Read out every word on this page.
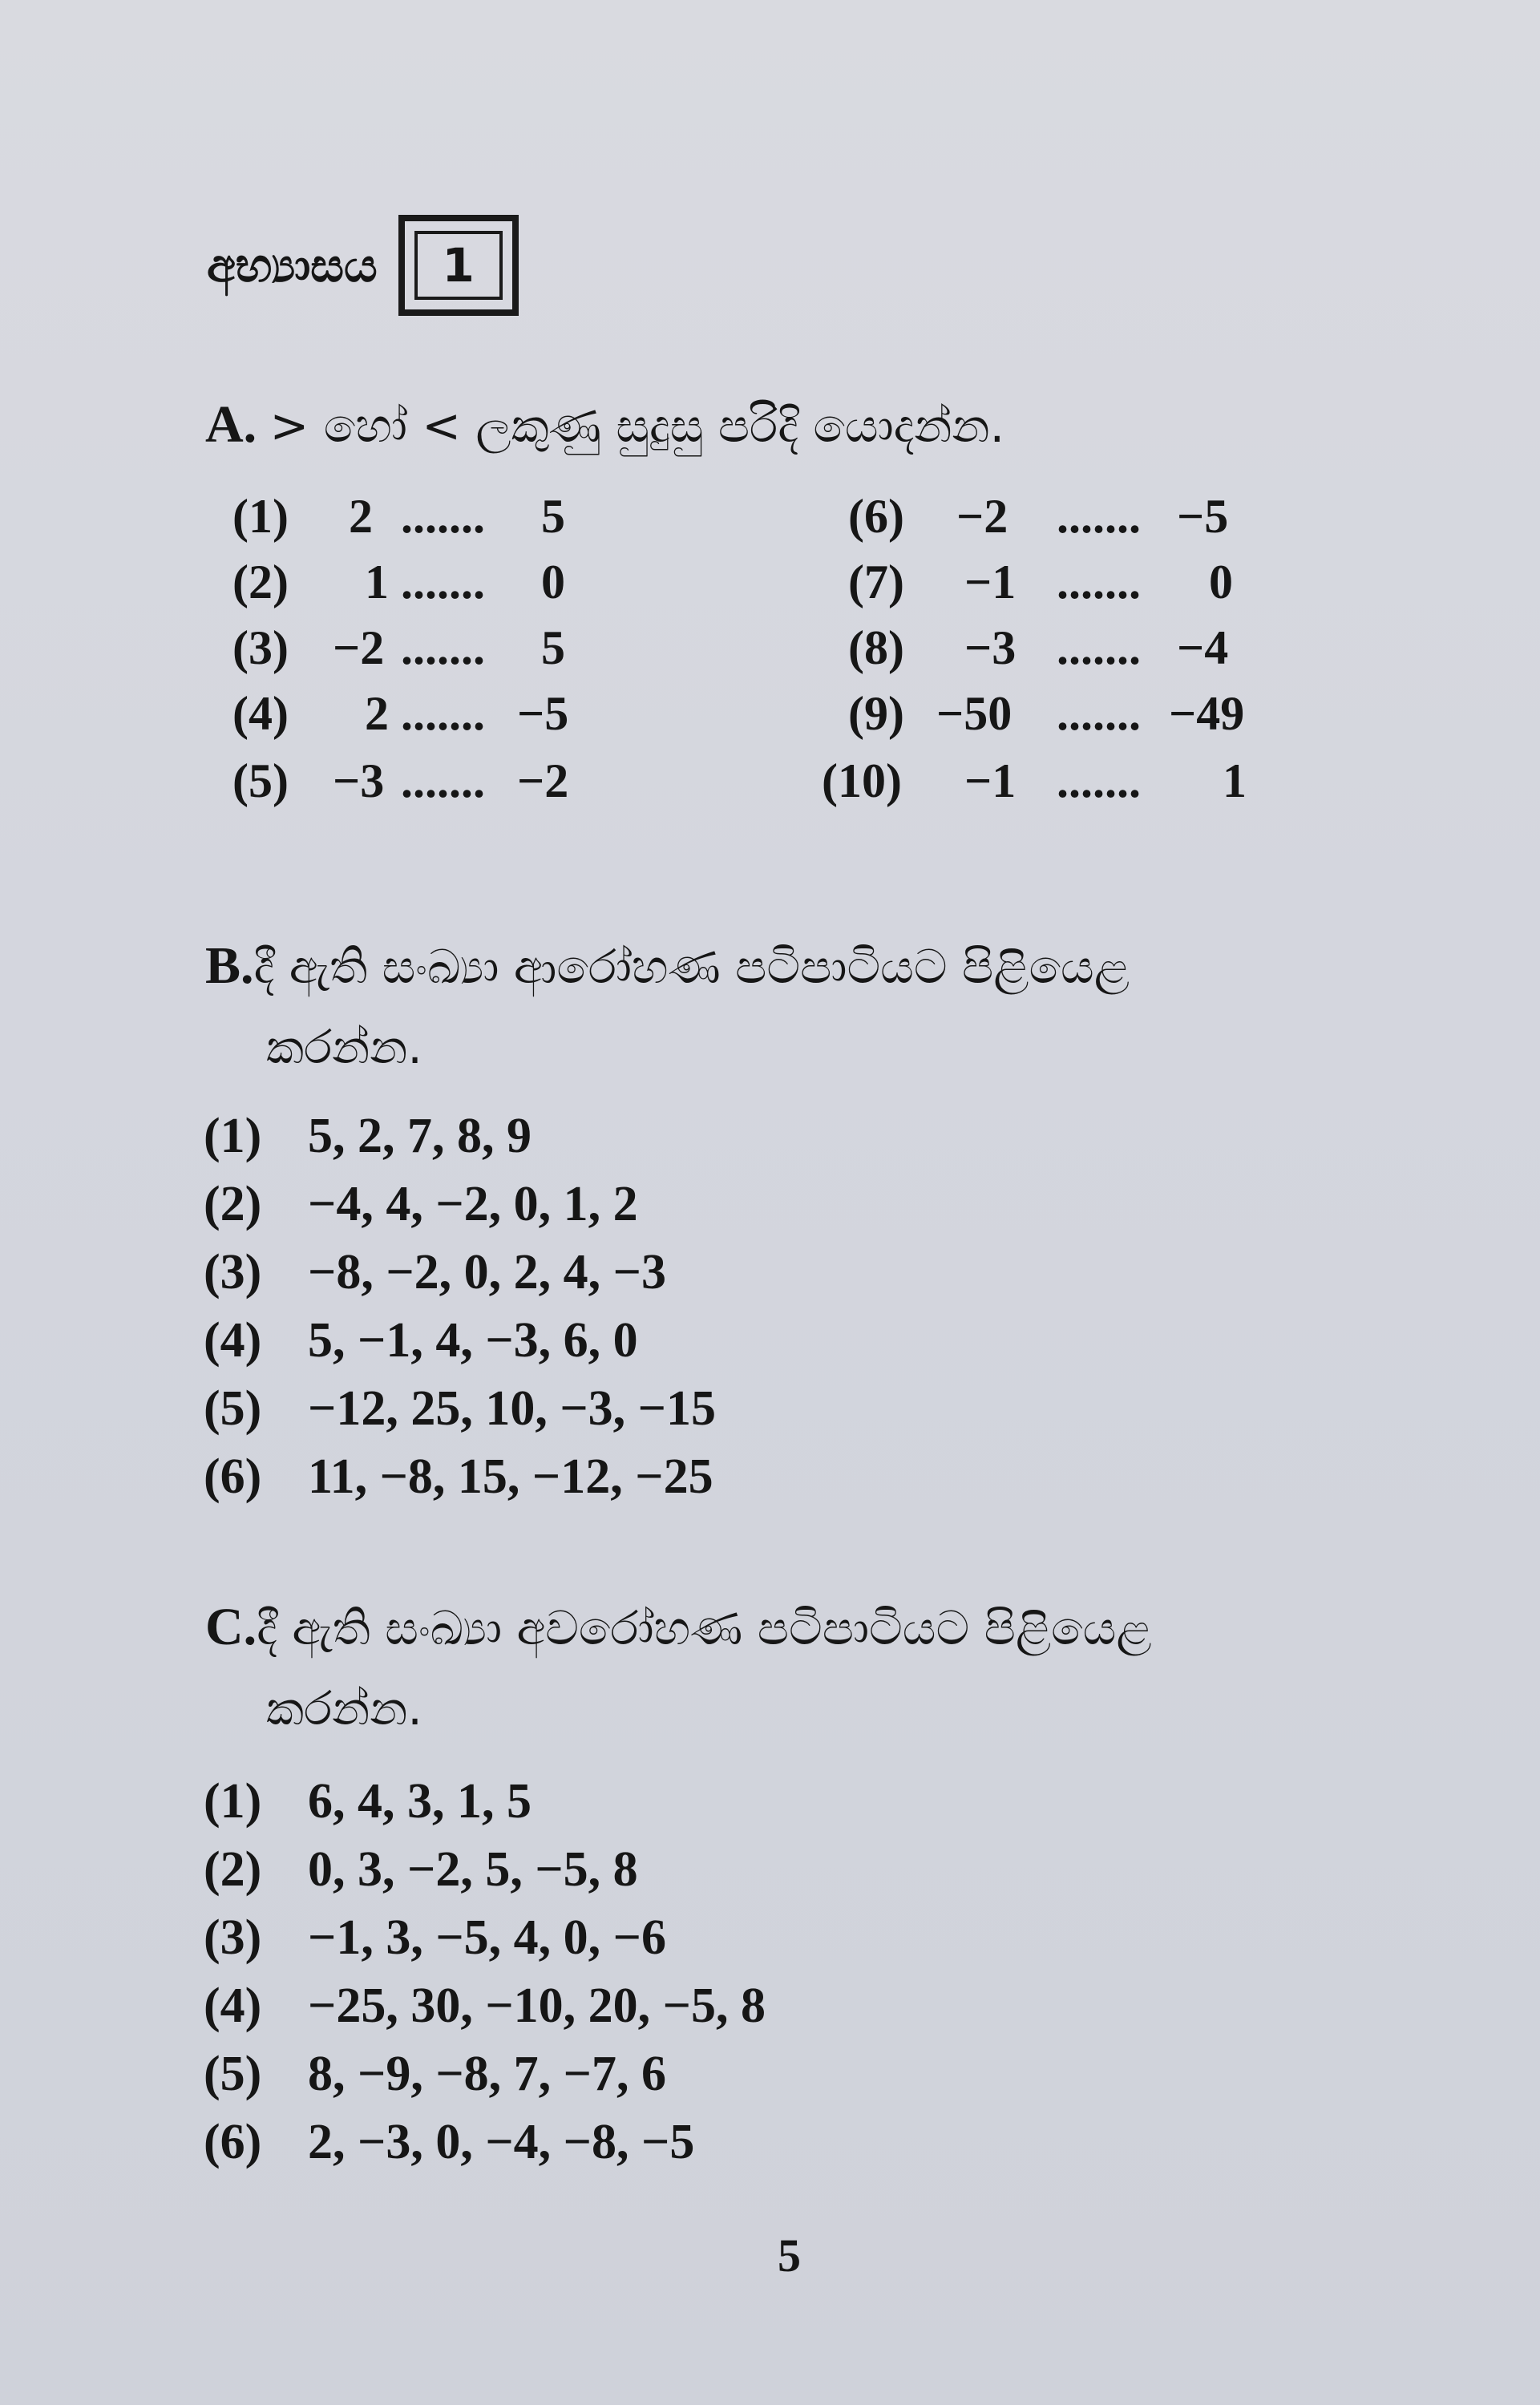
අභ්‍යාසය	1
A. > හෝ < ලකුණු සුදුසු පරිදි යොදන්න.
(1) 2 ....... 5
(2) 1 ....... 0
(3) −2 ....... 5
(4) 2 ....... −5
(5) −3 ....... −2
(6) −2 ....... −5
(7) −1 ....... 0
(8) −3 ....... −4
(9) −50 ....... −49
(10) −1 ....... 1
B.දී ඇති සංඛ්‍යා ආරෝහණ පටිපාටියට පිළියෙළ
කරන්න.
(1) 5, 2, 7, 8, 9
(2) −4, 4, −2, 0, 1, 2
(3) −8, −2, 0, 2, 4, −3
(4) 5, −1, 4, −3, 6, 0
(5) −12, 25, 10, −3, −15
(6) 11, −8, 15, −12, −25
C.දී ඇති සංඛ්‍යා අවරෝහණ පටිපාටියට පිළියෙළ
කරන්න.
(1) 6, 4, 3, 1, 5
(2) 0, 3, −2, 5, −5, 8
(3) −1, 3, −5, 4, 0, −6
(4) −25, 30, −10, 20, −5, 8
(5) 8, −9, −8, 7, −7, 6
(6) 2, −3, 0, −4, −8, −5
5
